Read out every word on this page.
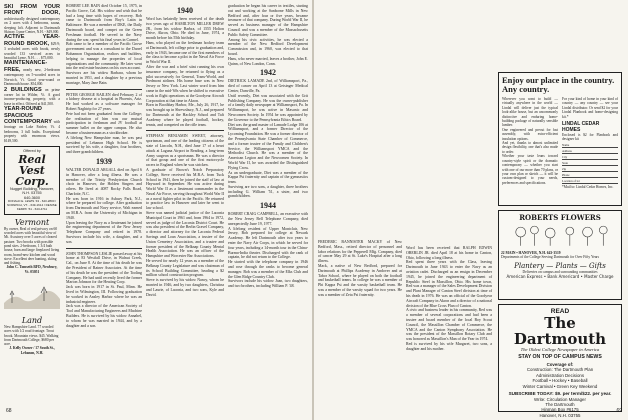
SKI FROM YOUR FRONT DOOR, architecturally designed contemporary on 2 acres with 4 bedrooms, sauna, sleeping loft. Adjacent to Dartmouth Skiway. Lyme Center, N.H. - $49,000.
ACTIVE YEAR-ROUND BROOK, $29.9; 3 secluded acres with brook, newly wooded 133 serviced acres in beautiful Lyme, N.H. . . . $75,000.
MAINTENANCE-FREE, nearly new, 2-bedroom contemporary on 5-wooded acres in Norwich, Vt. Good year-round or Dartmouth house. $54,000.
2 BUILDINGS on prime corner lot in Wilder, Vt. A good income-producing property, with a lease in effect. Offered at $41,500.
YEAR-ROUND SPACIOUS CONTEMPORARY with frontage on Lake Fairlee, Vt. 4 bedrooms, 3 full baths. Exceptional property with enormous views. $149,500.
Offered by
Real Vest Corp.
Nugget Building, Hanover, N.H. 03755
640-3600
DONALD E. LEWIS '43 - 643-2800 / NORWICH, VT. - 649-1614 / DENISE KEMPF '61 - 643-4711
Vermont
By owner, Real of real privacy on 60 wooded acres with beautiful view of Mt. Ascutney over 5 acres of cleared pasture. Two brooks with possible pond sites. 2-bedroom, 1 3/4 bath house, barn and large fireplaced living room, brand-new kitchen and wood stove. Excellent deer hunting, skiing and fishing.
John C. Tomseth RFD, Newbury, Vt. 05051
Land
New Hampshire Land. 77 wooded acres with 1/2 road frontage. Trout brook. Mountain views. $45. Walking from Dartmouth College, $680 per acre.
J. Kelly Owner / 17 South St., Lebanon, N.H.

ROBERT LEE BAIN died October 15, 1975, in Pacific Grove, Cal. His widow and wish that he had a long time with hopes of recovery. Bob came to Dartmouth from Boy's Latin in Baltimore. He was a member of DKE, the Daily Dartmouth board, and compet on the Green Freshman football. He served in the Navy during the war, spent his final years in Carmel.

Bob came to be a member of the Pacific Grove government and was a consultant to the Darrel Bohannon Organization, realtors and builders, helping to manage the properties of local organizations and the community. He later went into the real estate business on his own account.

Survivors are his widow Barbara, whom he married in 1951, and a daughter by a previous marriage, Mary Jane Bain.

PETER GEORGE RAILEN died February 2 of a kidney disease at a hospital in Phoenix, Ariz. He had worked as a software manager for Robert Naghtrip for 27 years.

Pete had not been graduated from the College; the realization of him was our mutual participation in freshman and JV football at summer ballet on the upper campus. He also became a businessman as a stockbroker.

A lifelong New Hampshire man, he was past president of Lebanon High School. He is survived by his wife, a daughter, four brothers, and three grandchildren.

1939

WALTER DONALD ARGALL died on April 6 in Hanover, after a long illness. He was a member of the Trinity Presbyterian Church choir in Hanover, the Holden Singers and others. He lived at 4087 Rocky Falls Road, Charlotte, N.C.

He was born in 1916 in Asbury Park, N.J., where he prepared for college. After graduation from Dartmouth and Navy service, Walt earned an M.B.A. from the University of Michigan in 1940.

Upon leaving the Navy as a lieutenant he joined the engineering department of the New Jersey Telephone Company and retired in 1978. Survivors include his wife, a daughter, and a son.

JOHN THOMPSON LESLIE passed away at his home at 83 Westfall Drive, in Walnut Creek, Cal., on June 8. At the time of his death he was the President of Rainer Associates. At the time of his death he was the president of the Tooling Company. He had until recently lived the former Marion Johnson for the Heating Corp.

Jack was born in 1917 in St. Paul, Minn. He lived in Wilmington, III. Following graduation he worked in Ansley Harbor where he was an industrial engineer.

Jack was a director of the American Society of Tool and Manufacturing Engineers and Machine Builders. He is survived by his widow Annabel, to whom he was married in 1944, and by a daughter and a son.

1940

Word has belatedly been received of the death two years ago of HAMILTON MILLER DREW JR., from his widow Barbra, of 1555 Holton Drive, Akron, Ohio. He died in June, 1974, a month before his 55th birthday.

Ham, who played on the freshman hockey team at Dartmouth, left college prior to graduation and, early in 1943, became one of the first members of the class to become a pilot in the Naval Air Force in World War II.

After the war and a brief stint running his own insurance company, he returned to flying as a pilot successively for General, Trans-World, and Piedmont airlines. His home base was in New Jersey or New York. Last winter word from him came in the mid-'60s when he shifted to executive work in flight operations at the Goodyear Aircraft Corporation at that time in Akron.

Born in Boothbay Harbor, Me., July 26, 1917, he was brought up in Shrewsbury, N.J., and prepared for Dartmouth at the Hackley School and Taft Academy where he played football, hockey, tennis, and competed on the rifle team.

STEPHAN BENJAMIN SWEET, attorney, sportsman, and one of the leading citizens of the state of Lincoln, N.H., died June 17 of a heart attack at Laguna Airport in Reading, a long-term Army surgeon as a sportsman. He was a director of that group and one of the first motorcycle racers in England when he was stricken.

A graduate of Brown's Notch Preparatory College, Steve received his M.B.A. from Tuck School in 1941, then he joined the staff of law at Hayward in September. He was active during World War II as a lieutenant commander in the Naval Air Force, serving throughout World War II as a naval fighter pilot in the Pacific. He returned to practice law in Hanover and later he went to law school.

Steve was named judicial justice of the Laconia Municipal Court in 1961 and, from 1964 to 1972, served as judge of the Laconia District Court. He was also president of the Berlin Gravel Company, a director and attorney for the Laconia Federal Savings and Loan Association, a trustee of the Union Cemetery Association, and a trustee and former president of the Belknap County Mental Health Association. He was an officer of the Hampshire and Worcester Bar Associations.

He served for nearly 12 years as a member of the Belknap County Legislature and was chairman of its School Building Committee, heading a $2 million school construction program.

Steve is survived by his widow Nancy, whom he married in 1946, and by two daughters, Christina and Laurie, of Laconia, and two sons, Kyle and David.

graduation he began his career in textiles, starting out and working at the Sanborne Mills in New Bedford and, after four or five years, became treasurer of that company. During World War II, he served as business manager of the Hampshire Council and was a member of the Massachusetts Public Safety Committee.

Among his civic activities, he was elected a member of the New Bedford Development Commission and, in 1960, was elected to that board.

Hans, who never married, leaves a brother, John E. Quinn, of New London, Conn.

1942

DIETRICK LAMADE 2nd, of Williamsport, Pa., died of cancer on April 13 at Geisinger Medical Center, Danville, Pa.

Until recently, Diet was associated with the Grit Publishing Company. He was the owner-publisher of a family daily newspaper at Williamsport, Pa. In Williamsport, he was active in Masonic and Newcomen Society. In 1954 he was appointed by the Governor to the Pennsylvania Ethics Board.

Diet was the grand master of Lamade Lodge 106 at Williamsport, and a former Director of the Lycoming Foundation. He was a former director of the Pennsylvania State Chamber of Commerce, and a former trustee of the Family and Children's Service, the Williamsport YMCA and the Methodist Church. He was a member of the American Legion and the Newcomen Society. In World War II, he was awarded the Distinguished Flying Cross.

As an undergraduate, Diet was a member of the Kappa Psi fraternity and captain of the gymnastics team.

Surviving are two sons, a daughter, three brothers including G. William '51, a sister, and two grandchildren.

1944

ROBERT CRAIG CAMPBELL, an executive with the New Jersey Bell Telephone Company, died unexpectedly June 19, 1977.

A lifelong resident of Upper Montclair, New Jersey, Bob prepared for college at Newark Academy. He left Dartmouth after two years to enter the Navy Air Corps, in which he served for four years, including a 14-month tour in the China-Burma-India theater. Discharged with the rank of captain, he did not return to the College.

He started with the telephone company in 1946 and rose through the ranks to become general manager. Bob was a member of the Elks Club and the Glen Ridge Country Club.

Survivors include his widow Joan, two daughters, and two brothers, including William P. '48.

68

FREDERIC BANNISTER MACKY of New Bedford, Mass., retired director of personnel and labor relations for the Pepperell Mfg. Company, died of cancer May 29 at St. Luke's Hospital after a long illness.

Mack, a native of New Bedford, prepared for Dartmouth at Phillips Academy in Andover and at Tabor School, where he played on both the football and basketball teams. In college he was a member of Phi Kappa Psi and the varsity basketball team. He was a member of the varsity squad for two years. He was a member of Zeta Psi fraternity.

Word has been received that RALPH EDWIN OBERLIN JR. died April 18 at his home in Canton, Ohio, following a long illness.

Red spent three years with the Class, leaving Dartmouth in June 1943 to enter the Navy as an aviation cadet. Discharged as an ensign in December 1945, he joined the engineering department of Republic Steel in Massillon, Ohio. His home town, Red was a manager of the Sales Development Division and Plant Manager of Canton Steel division at time of his death in 1976. He was an official of the Goodyear Aircraft Company in Akron and a director of a national division of the Blue Cross Plan of Canton.

A civic and business leader in his community, Red was a member of several corporations and had been a trustee and board member of the local Boy Scout Council, the Massillon Chamber of Commerce, the YMCA and the Canton Symphony Association. He was the president of the Massillon Rotary Club and was honored as Massillon's Man of the Year in 1974.

Red is survived by his wife Margaret, two sons, a daughter and his mother.

Enjoy our place in the country. Any country.

Wherever you want to build — virtually anywhere in the world — Lindal will deliver just the typical look-alike house, but an uncommonly distinctive and enduring home-building package of naturally sensible lumber.

One engineered and precut for fast assembly, with extra-efficient insulation options.

And yet, thanks to almost unlimited design flexibility, one that's also made to order.

Whether your taste leans toward country-style spirit or the dramatic contemporary — whether you start with one of our more than 70 plans, or your own plan or sketch — it will be custom-designed to your needs, preferences and specifications.

For your kind of home in your kind of country — any country — see your Lindal distributor. Or send $2 for your Lindal Planbook and home-designing kit.*

LINDAL CEDAR HOMES
Enclosed is $2 for Planbook and designer kit
Name
Address
City
State
Zip
Phone
Location of lot
*Mail to: Lindal Cedar Homes, Inc.
ROBERTS FLOWERS
22 MAIN • HANOVER, N.H. 643-3519
Departments of the College Serving Dartmouth for Over Fifty Years
Plantery — Plants — Gifts
Deliveries on campus and surrounding communities
American Express • Bank Americard • Master Charge
READ
The Dartmouth
The Oldest College Newspaper in America
STAY ON TOP OF CAMPUS NEWS
Coverage of:
Construction: The Dartmouth Plan
Administration Decisions
Football • Hockey • Baseball
Winter Carnival • Green Key Weekend
SUBSCRIBE TODAY: $9. per term/$22. per year.
Write: Circulation Manager
The Dartmouth
Hinman Box #6175
Hanover, N.H. 03755
69
